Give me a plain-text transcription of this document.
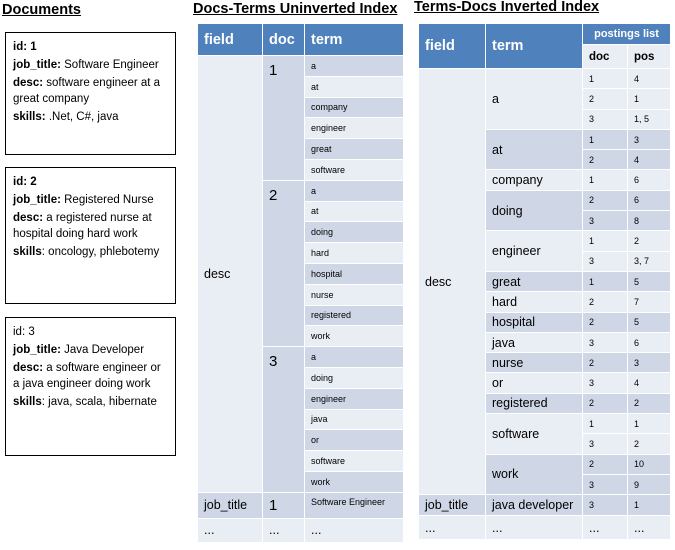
Documents
id: 1
job_title: Software Engineer
desc: software engineer at a great company
skills: .Net, C#, java
id: 2
job_title: Registered Nurse
desc: a registered nurse at hospital doing hard work
skills: oncology, phlebotemy
id: 3
job_title: Java Developer
desc: a software engineer or a java engineer doing work
skills: java, scala, hibernate
Docs-Terms Uninverted Index
field	doc	term
desc	1	a
		at
		company
		engineer
		great
		software
	2	a
		at
		doing
		hard
		hospital
		nurse
		registered
		work
	3	a
		doing
		engineer
		java
		or
		software
		work
job_title	1	Software Engineer
...	...	...
Terms-Docs Inverted Index
field	term	postings list	
		doc	pos
desc	a	1	4
		2	1
		3	1, 5
	at	1	3
		2	4
	company	1	6
	doing	2	6
		3	8
	engineer	1	2
		3	3, 7
	great	1	5
	hard	2	7
	hospital	2	5
	java	3	6
	nurse	2	3
	or	3	4
	registered	2	2
	software	1	1
		3	2
	work	2	10
		3	9
job_title	java developer	3	1
...	...	...	...
